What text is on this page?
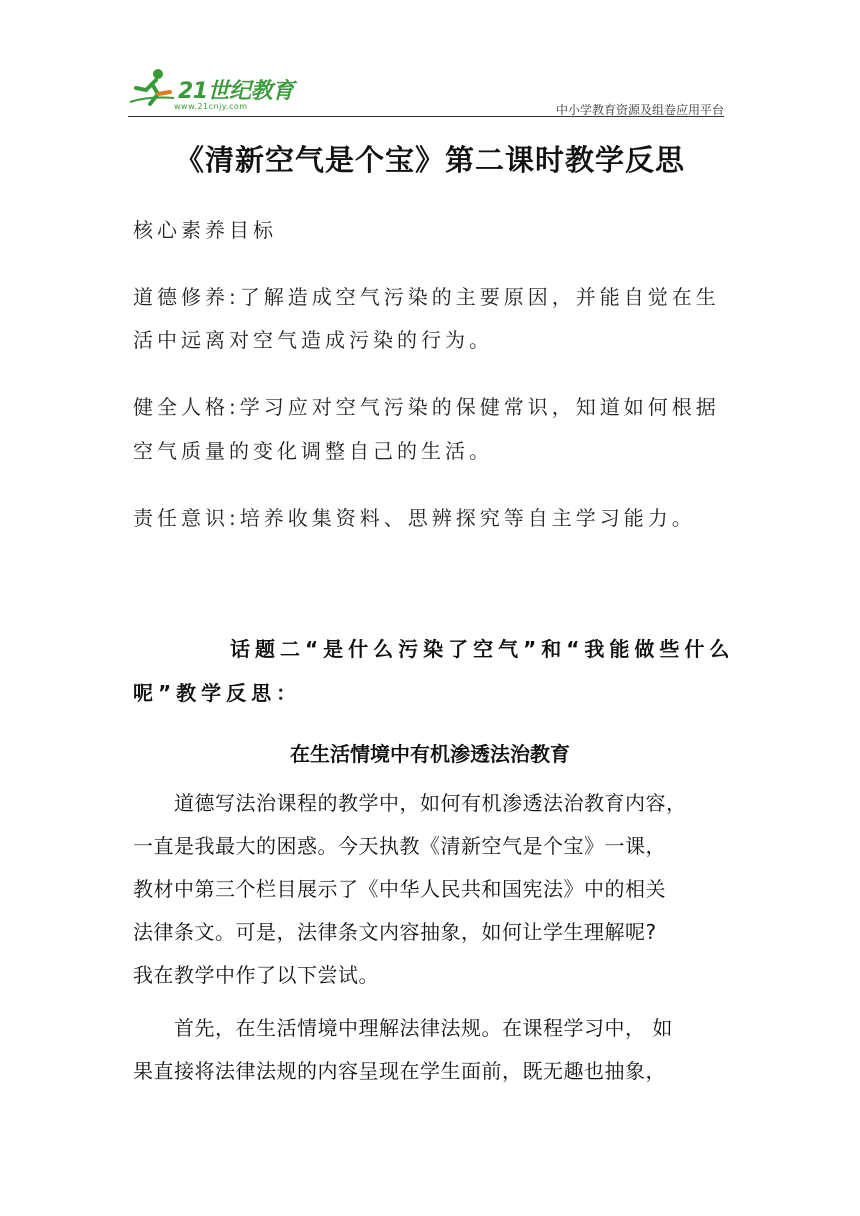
21世纪教育
www.21cnjy.com	中小学教育资源及组卷应用平台
《清新空气是个宝》第二课时教学反思
核心素养目标
道德修养:了解造成空气污染的主要原因，并能自觉在生
活中远离对空气造成污染的行为。
健全人格:学习应对空气污染的保健常识，知道如何根据
空气质量的变化调整自己的生活。
责任意识:培养收集资料、思辨探究等自主学习能力。
话题二“是什么污染了空气”和“我能做些什么
呢”教学反思：
在生活情境中有机渗透法治教育
　　道德写法治课程的教学中，如何有机渗透法治教育内容，
一直是我最大的困惑。今天执教《清新空气是个宝》一课，
教材中第三个栏目展示了《中华人民共和国宪法》中的相关
法律条文。可是，法律条文内容抽象，如何让学生理解呢?
我在教学中作了以下尝试。
　　首先，在生活情境中理解法律法规。在课程学习中， 如
果直接将法律法规的内容呈现在学生面前，既无趣也抽象，
